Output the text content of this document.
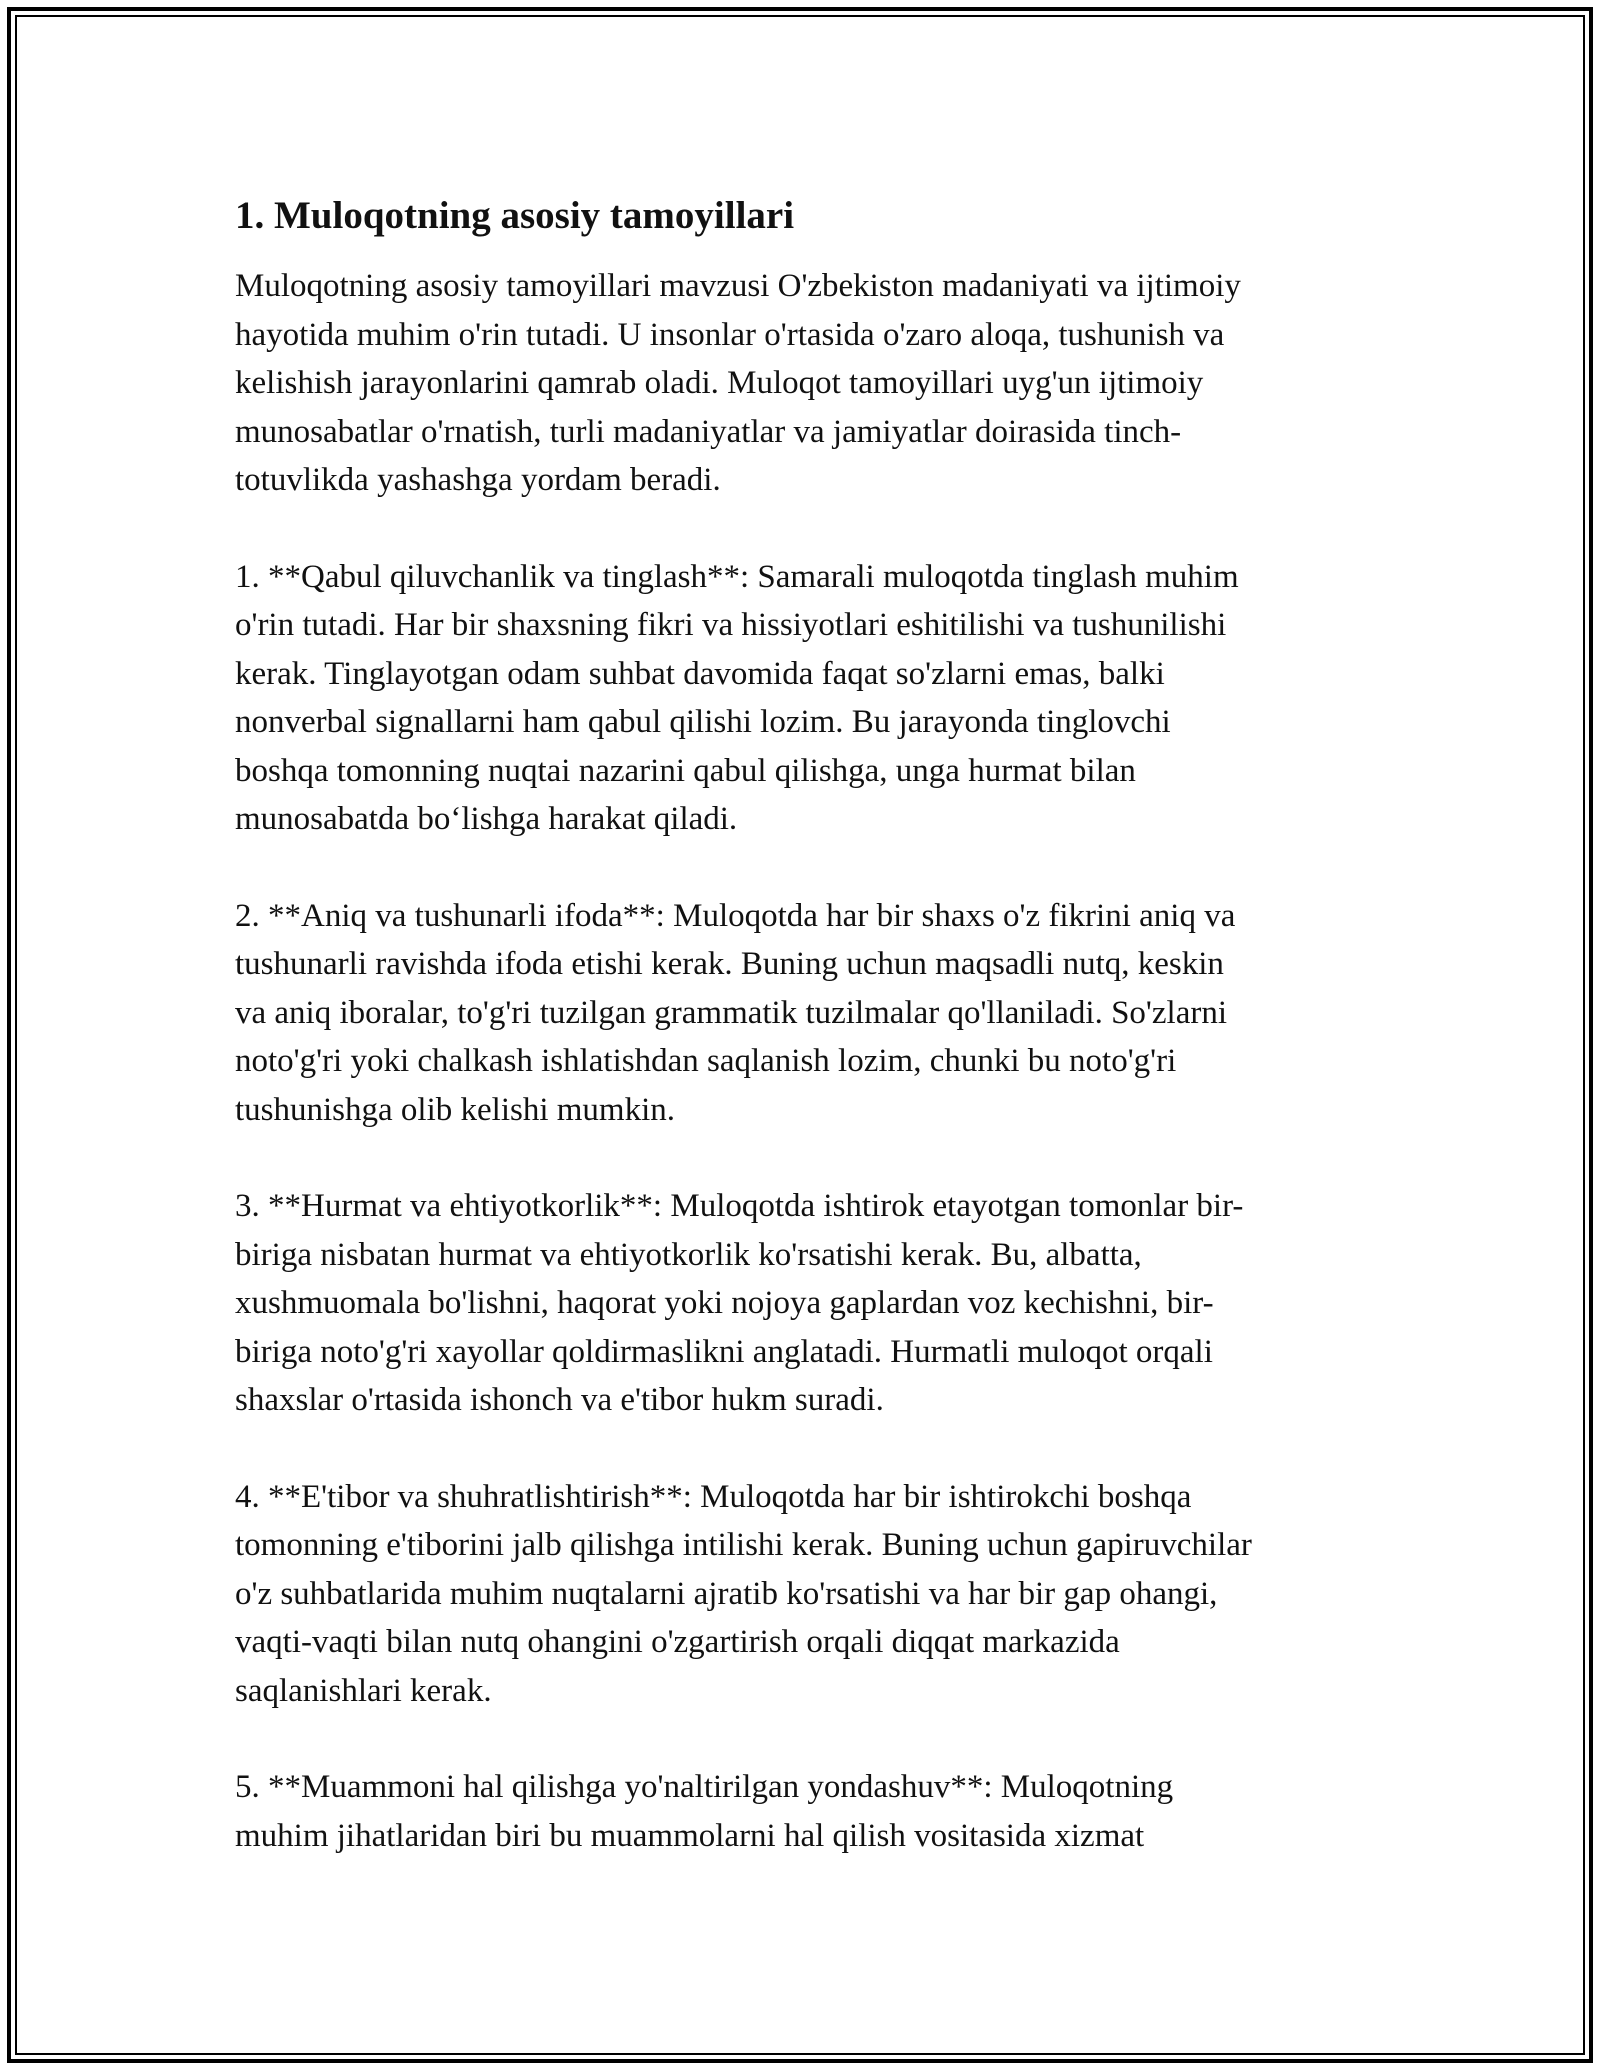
1. Muloqotning asosiy tamoyillari

Muloqotning asosiy tamoyillari mavzusi O'zbekiston madaniyati va ijtimoiy
hayotida muhim o'rin tutadi. U insonlar o'rtasida o'zaro aloqa, tushunish va
kelishish jarayonlarini qamrab oladi. Muloqot tamoyillari uyg'un ijtimoiy
munosabatlar o'rnatish, turli madaniyatlar va jamiyatlar doirasida tinch-
totuvlikda yashashga yordam beradi.

1. **Qabul qiluvchanlik va tinglash**: Samarali muloqotda tinglash muhim
o'rin tutadi. Har bir shaxsning fikri va hissiyotlari eshitilishi va tushunilishi
kerak. Tinglayotgan odam suhbat davomida faqat so'zlarni emas, balki
nonverbal signallarni ham qabul qilishi lozim. Bu jarayonda tinglovchi
boshqa tomonning nuqtai nazarini qabul qilishga, unga hurmat bilan
munosabatda bo‘lishga harakat qiladi.

2. **Aniq va tushunarli ifoda**: Muloqotda har bir shaxs o'z fikrini aniq va
tushunarli ravishda ifoda etishi kerak. Buning uchun maqsadli nutq, keskin
va aniq iboralar, to'g'ri tuzilgan grammatik tuzilmalar qo'llaniladi. So'zlarni
noto'g'ri yoki chalkash ishlatishdan saqlanish lozim, chunki bu noto'g'ri
tushunishga olib kelishi mumkin.

3. **Hurmat va ehtiyotkorlik**: Muloqotda ishtirok etayotgan tomonlar bir-
biriga nisbatan hurmat va ehtiyotkorlik ko'rsatishi kerak. Bu, albatta,
xushmuomala bo'lishni, haqorat yoki nojoya gaplardan voz kechishni, bir-
biriga noto'g'ri xayollar qoldirmaslikni anglatadi. Hurmatli muloqot orqali
shaxslar o'rtasida ishonch va e'tibor hukm suradi.

4. **E'tibor va shuhratlishtirish**: Muloqotda har bir ishtirokchi boshqa
tomonning e'tiborini jalb qilishga intilishi kerak. Buning uchun gapiruvchilar
o'z suhbatlarida muhim nuqtalarni ajratib ko'rsatishi va har bir gap ohangi,
vaqti-vaqti bilan nutq ohangini o'zgartirish orqali diqqat markazida
saqlanishlari kerak.

5. **Muammoni hal qilishga yo'naltirilgan yondashuv**: Muloqotning
muhim jihatlaridan biri bu muammolarni hal qilish vositasida xizmat
